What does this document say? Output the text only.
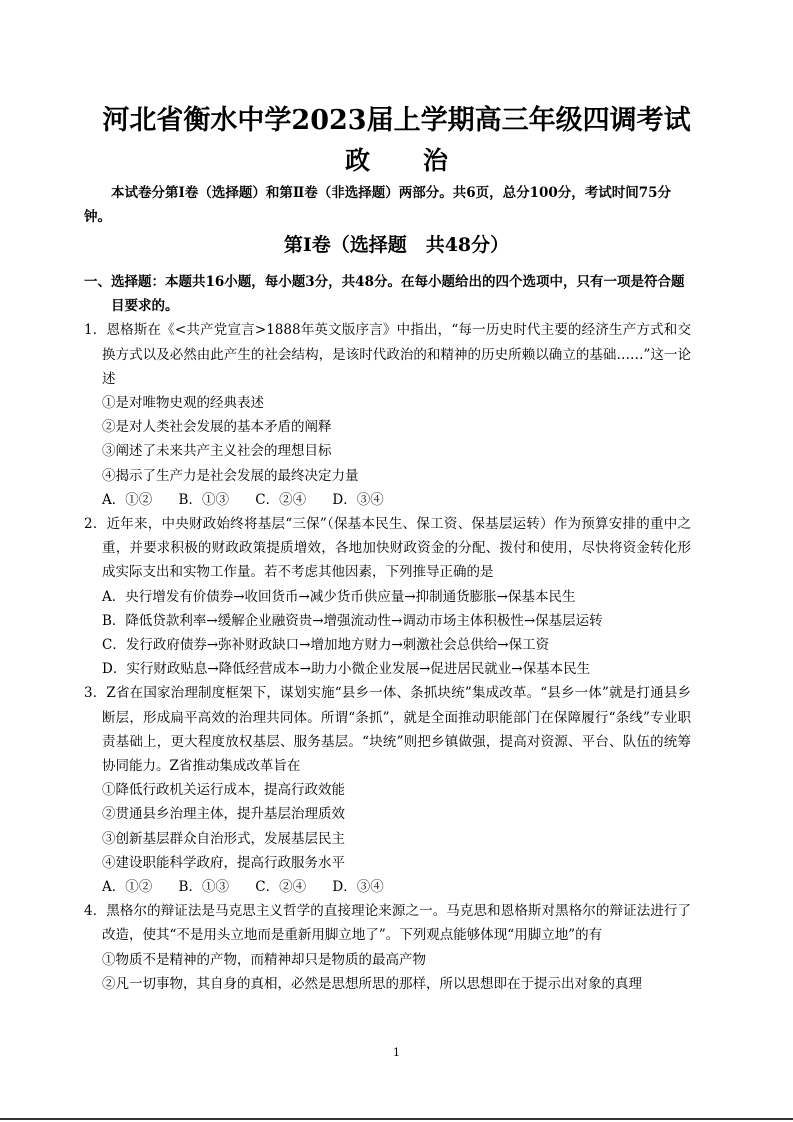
河北省衡水中学2023届上学期高三年级四调考试
政 治
本试卷分第Ⅰ卷（选择题）和第Ⅱ卷（非选择题）两部分。共6页，总分100分，考试时间75分钟。
第Ⅰ卷（选择题　共48分）
一、选择题：本题共16小题，每小题3分，共48分。在每小题给出的四个选项中，只有一项是符合题目要求的。
1．恩格斯在《<共产党宣言>1888年英文版序言》中指出，“每一历史时代主要的经济生产方式和交换方式以及必然由此产生的社会结构，是该时代政治的和精神的历史所赖以确立的基础……”这一论述
①是对唯物史观的经典表述
②是对人类社会发展的基本矛盾的阐释
③阐述了未来共产主义社会的理想目标
④揭示了生产力是社会发展的最终决定力量
A．①② B．①③ C．②④ D．③④
2．近年来，中央财政始终将基层“三保”（保基本民生、保工资、保基层运转）作为预算安排的重中之重，并要求积极的财政政策提质增效，各地加快财政资金的分配、拨付和使用，尽快将资金转化形成实际支出和实物工作量。若不考虑其他因素，下列推导正确的是
A．央行增发有价债券→收回货币→减少货币供应量→抑制通货膨胀→保基本民生
B．降低贷款利率→缓解企业融资贵→增强流动性→调动市场主体积极性→保基层运转
C．发行政府债券→弥补财政缺口→增加地方财力→刺激社会总供给→保工资
D．实行财政贴息→降低经营成本→助力小微企业发展→促进居民就业→保基本民生
3．Z省在国家治理制度框架下，谋划实施“县乡一体、条抓块统”集成改革。“县乡一体”就是打通县乡断层，形成扁平高效的治理共同体。所谓“条抓”，就是全面推动职能部门在保障履行“条线”专业职责基础上，更大程度放权基层、服务基层。“块统”则把乡镇做强，提高对资源、平台、队伍的统筹协同能力。Z省推动集成改革旨在
①降低行政机关运行成本，提高行政效能
②贯通县乡治理主体，提升基层治理质效
③创新基层群众自治形式，发展基层民主
④建设职能科学政府，提高行政服务水平
A．①② B．①③ C．②④ D．③④
4．黑格尔的辩证法是马克思主义哲学的直接理论来源之一。马克思和恩格斯对黑格尔的辩证法进行了改造，使其“不是用头立地而是重新用脚立地了”。下列观点能够体现“用脚立地”的有
①物质不是精神的产物，而精神却只是物质的最高产物
②凡一切事物，其自身的真相，必然是思想所思的那样，所以思想即在于提示出对象的真理
1
